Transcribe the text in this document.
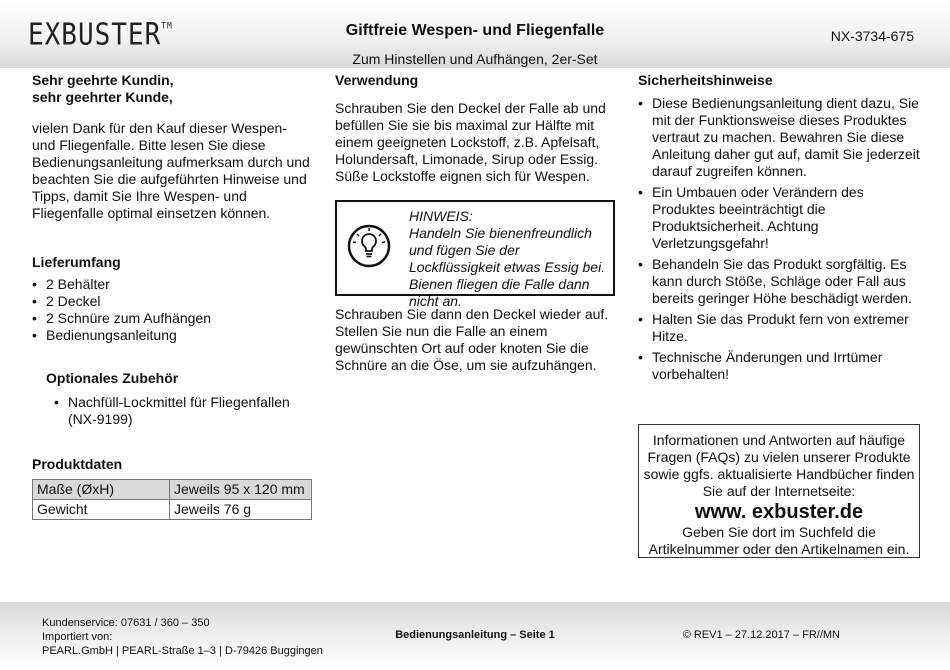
EXBUSTER™	Giftfreie Wespen- und Fliegenfalle
Zum Hinstellen und Aufhängen, 2er-Set
NX-3734-675

Sehr geehrte Kundin,

sehr geehrter Kunde,

vielen Dank für den Kauf dieser Wespen- und Fliegenfalle. Bitte lesen Sie diese Bedienungsanleitung aufmerksam durch und beachten Sie die aufgeführten Hinweise und Tipps, damit Sie Ihre Wespen- und Fliegenfalle optimal einsetzen können.

Lieferumfang
• 2 Behälter
• 2 Deckel
• 2 Schnüre zum Aufhängen
• Bedienungsanleitung
Optionales Zubehör
• Nachfüll-Lockmittel für Fliegenfallen (NX-9199)
Produktdaten
Maße (ØxH)	Jeweils 95 x 120 mm
Gewicht	Jeweils 76 g
Verwendung

Schrauben Sie den Deckel der Falle ab und befüllen Sie sie bis maximal zur Hälfte mit einem geeigneten Lockstoff, z.B. Apfelsaft, Holundersaft, Limonade, Sirup oder Essig. Süße Lockstoffe eignen sich für Wespen.

HINWEIS:
Handeln Sie bienenfreundlich und fügen Sie der Lockflüssigkeit etwas Essig bei. Bienen fliegen die Falle dann nicht an.

Schrauben Sie dann den Deckel wieder auf. Stellen Sie nun die Falle an einem gewünschten Ort auf oder knoten Sie die Schnüre an die Öse, um sie aufzuhängen.

Sicherheitshinweise
• Diese Bedienungsanleitung dient dazu, Sie mit der Funktionsweise dieses Produktes vertraut zu machen. Bewahren Sie diese Anleitung daher gut auf, damit Sie jederzeit darauf zugreifen können.
• Ein Umbauen oder Verändern des Produktes beeinträchtigt die Produktsicherheit. Achtung Verletzungsgefahr!
• Behandeln Sie das Produkt sorgfältig. Es kann durch Stöße, Schläge oder Fall aus bereits geringer Höhe beschädigt werden.
• Halten Sie das Produkt fern von extremer Hitze.
• Technische Änderungen und Irrtümer vorbehalten!
Informationen und Antworten auf häufige Fragen (FAQs) zu vielen unserer Produkte sowie ggfs. aktualisierte Handbücher finden Sie auf der Internetseite:
www. exbuster.de
Geben Sie dort im Suchfeld die Artikelnummer oder den Artikelnamen ein.
Kundenservice: 07631 / 360 – 350
Importiert von:
PEARL.GmbH | PEARL-Straße 1–3 | D-79426 Buggingen
Bedienungsanleitung – Seite 1	© REV1 – 27.12.2017 – FR//MN
